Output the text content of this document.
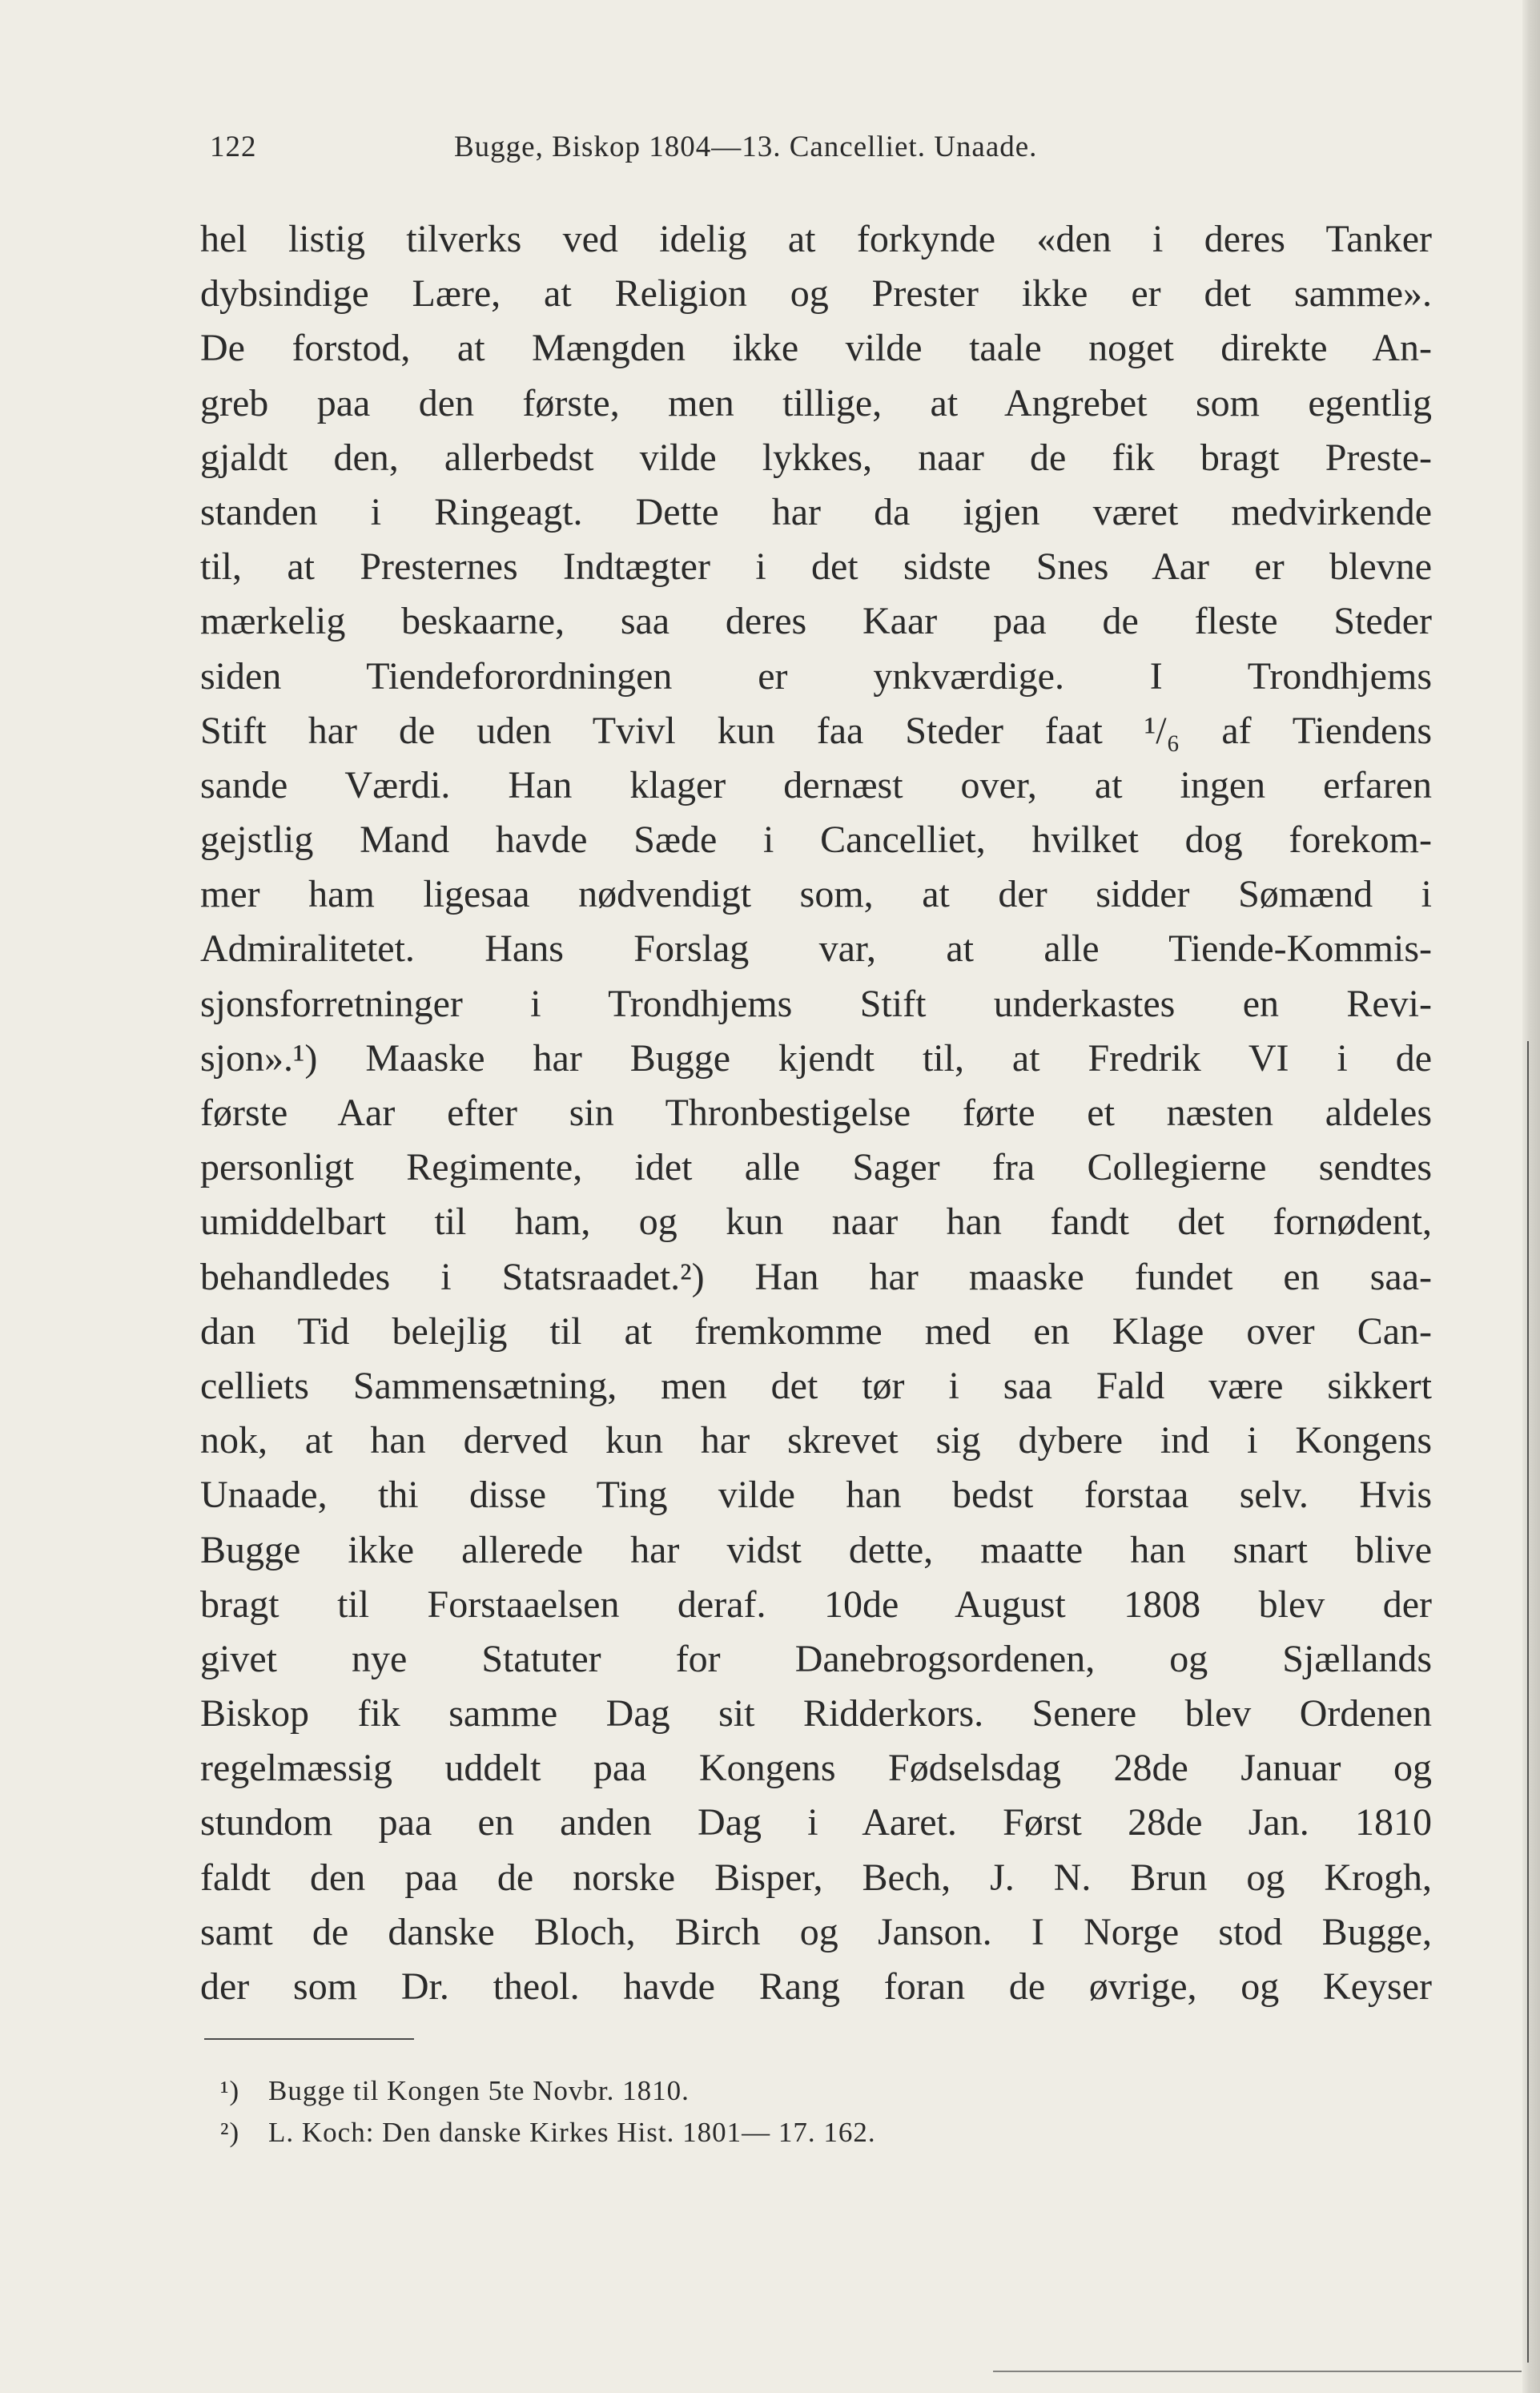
122	Bugge, Biskop 1804—13. Cancelliet. Unaade.
hel listig tilverks ved idelig at forkynde «den i deres Tanker
dybsindige Lære, at Religion og Prester ikke er det samme».
De forstod, at Mængden ikke vilde taale noget direkte An-
greb paa den første, men tillige, at Angrebet som egentlig
gjaldt den, allerbedst vilde lykkes, naar de fik bragt Preste-
standen i Ringeagt. Dette har da igjen været medvirkende
til, at Presternes Indtægter i det sidste Snes Aar er blevne
mærkelig beskaarne, saa deres Kaar paa de fleste Steder
siden Tiendeforordningen er ynkværdige. I Trondhjems
Stift har de uden Tvivl kun faa Steder faat ¹/₆ af Tiendens
sande Værdi. Han klager dernæst over, at ingen erfaren
gejstlig Mand havde Sæde i Cancelliet, hvilket dog forekom-
mer ham ligesaa nødvendigt som, at der sidder Sømænd i
Admiralitetet. Hans Forslag var, at alle Tiende-Kommis-
sjonsforretninger i Trondhjems Stift underkastes en Revi-
sjon».¹) Maaske har Bugge kjendt til, at Fredrik VI i de
første Aar efter sin Thronbestigelse førte et næsten aldeles
personligt Regimente, idet alle Sager fra Collegierne sendtes
umiddelbart til ham, og kun naar han fandt det fornødent,
behandledes i Statsraadet.²) Han har maaske fundet en saa-
dan Tid belejlig til at fremkomme med en Klage over Can-
celliets Sammensætning, men det tør i saa Fald være sikkert
nok, at han derved kun har skrevet sig dybere ind i Kongens
Unaade, thi disse Ting vilde han bedst forstaa selv. Hvis
Bugge ikke allerede har vidst dette, maatte han snart blive
bragt til Forstaaelsen deraf. 10de August 1808 blev der
givet nye Statuter for Danebrogsordenen, og Sjællands
Biskop fik samme Dag sit Ridderkors. Senere blev Ordenen
regelmæssig uddelt paa Kongens Fødselsdag 28de Januar og
stundom paa en anden Dag i Aaret. Først 28de Jan. 1810
faldt den paa de norske Bisper, Bech, J. N. Brun og Krogh,
samt de danske Bloch, Birch og Janson. I Norge stod Bugge,
der som Dr. theol. havde Rang foran de øvrige, og Keyser
¹) Bugge til Kongen 5te Novbr. 1810.
²) L. Koch: Den danske Kirkes Hist. 1801— 17. 162.
